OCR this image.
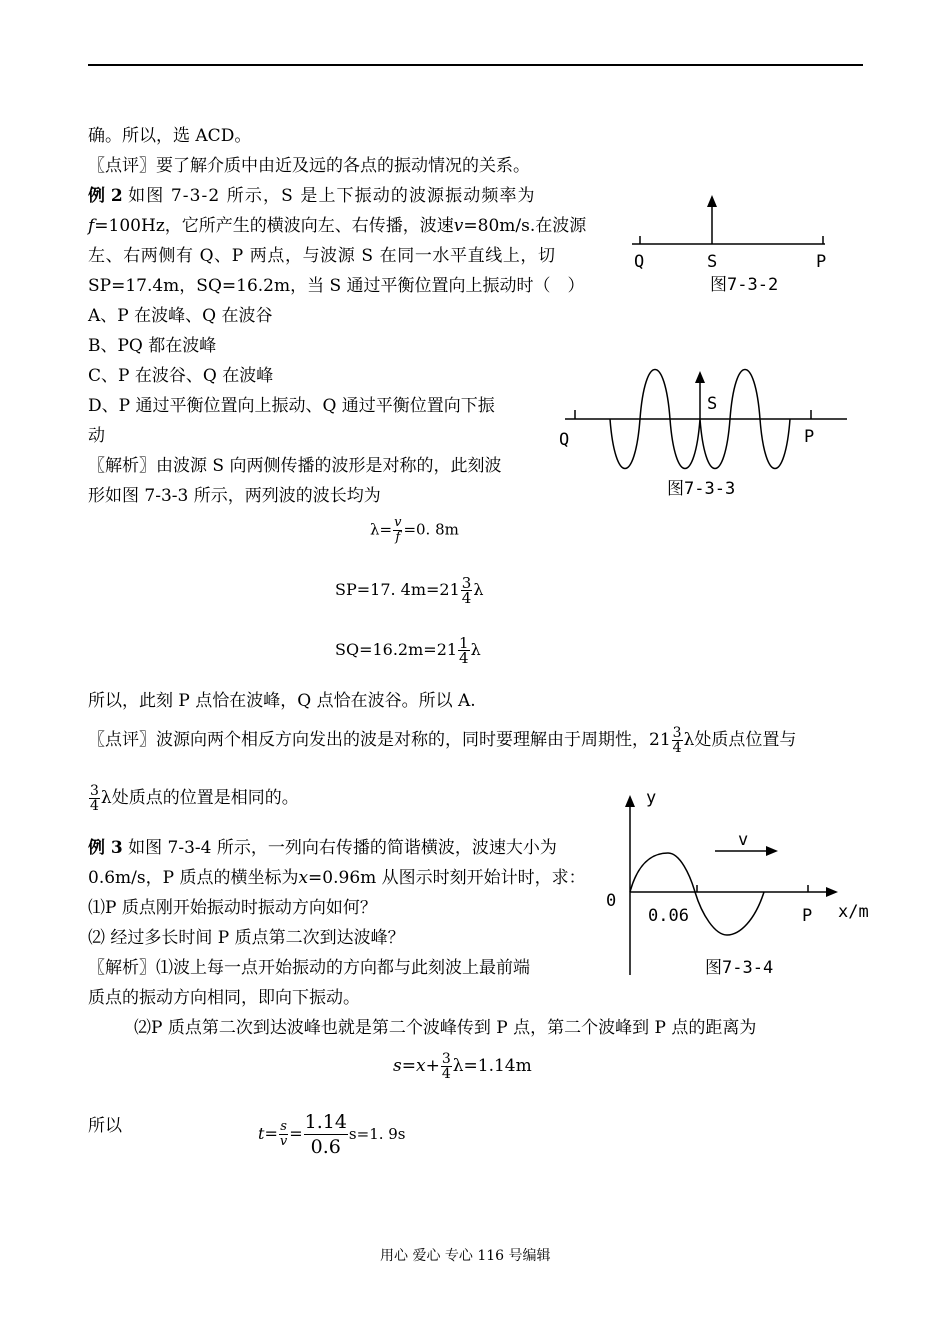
确。所以，选 ACD。
〖点评〗要了解介质中由近及远的各点的振动情况的关系。
例 2 如图 7-3-2 所示，S 是上下振动的波源振动频率为
f=100Hz，它所产生的横波向左、右传播，波速v=80m/s.在波源
左、右两侧有 Q、P 两点，与波源 S 在同一水平直线上，切
SP=17.4m，SQ=16.2m，当 S 通过平衡位置向上振动时（　）
A、P 在波峰、Q 在波谷
B、PQ 都在波峰
C、P 在波谷、Q 在波峰
D、P 通过平衡位置向上振动、Q 通过平衡位置向下振
动
〖解析〗由波源 S 向两侧传播的波形是对称的，此刻波
形如图 7-3-3 所示，两列波的波长均为
$\lambda= \frac{v}{f} =0$. 8m
SP=17. $4m=21 \frac{3}{4}$ λ
$SQ=16.2m=21 \frac{1}{4}$ λ
所以，此刻 P 点恰在波峰，Q 点恰在波谷。所以 A.
〖点评〗波源向两个相反方向发出的波是对称的，同时要理解由于周期性，$21 \frac{3}{4}$ λ处质点位置与
$\frac{3}{4}$ λ处质点的位置是相同的。
例 3 如图 7-3-4 所示，一列向右传播的简谐横波，波速大小为
0.6m/s，P 质点的横坐标为x=0.96m 从图示时刻开始计时，求：
⑴P 质点刚开始振动时振动方向如何？
⑵ 经过多长时间 P 质点第二次到达波峰？
〖解析〗⑴波上每一点开始振动的方向都与此刻波上最前端
质点的振动方向相同，即向下振动。
⑵P 质点第二次到达波峰也就是第二个波峰传到 P 点，第二个波峰到 P 点的距离为
$s=x+ \frac{3}{4} \lambda=1.14m$
所以	$t= \frac{s}{v} = \frac{1.14}{0.6} s=1$. 9s
用心 爱心 专心 116 号编辑
Q	S	P
图7-3-2
S
Q	P
图7-3-3
y
v
0
0.06	P x/m
图7-3-4
